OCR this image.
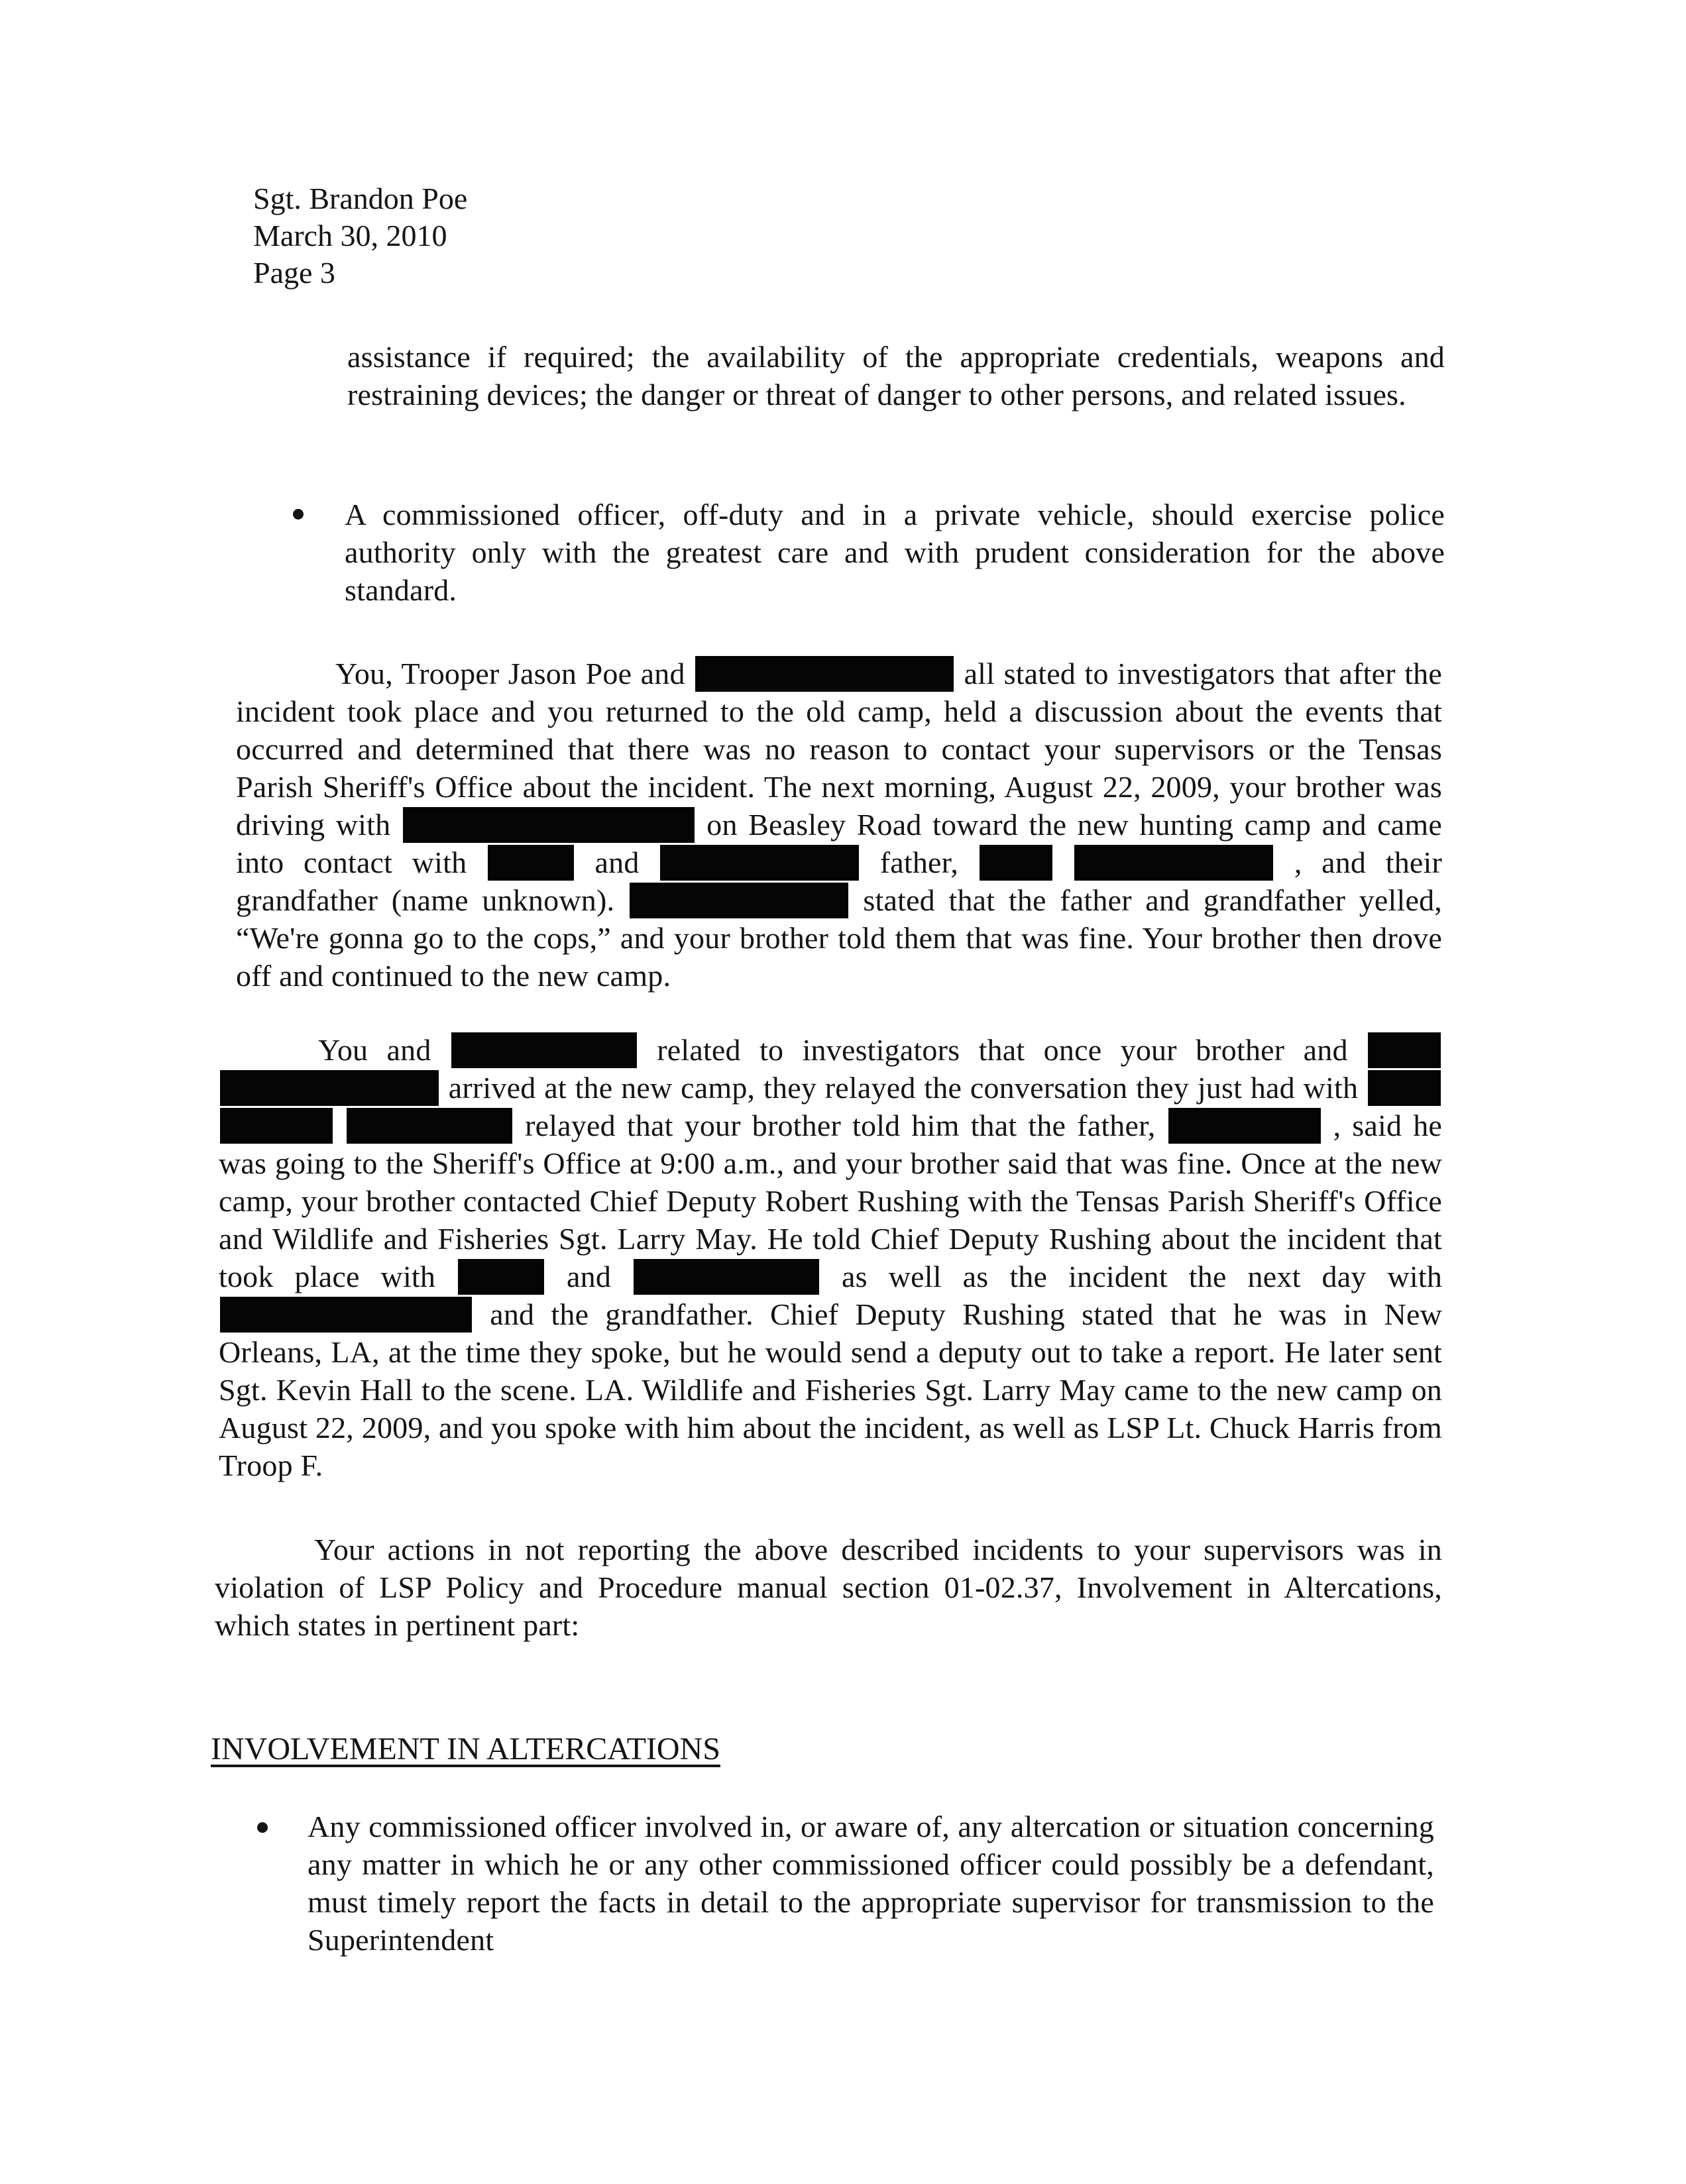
Sgt. Brandon Poe
March 30, 2010
Page 3
assistance if required; the availability of the appropriate credentials, weapons and restraining devices; the danger or threat of danger to other persons, and related issues.
A commissioned officer, off-duty and in a private vehicle, should exercise police authority only with the greatest care and with prudent consideration for the above standard.
You, Trooper Jason Poe and	all stated to investigators that after the incident took place and you returned to the old camp, held a discussion about the events that occurred and determined that there was no reason to contact your supervisors or the Tensas Parish Sheriff's Office about the incident. The next morning, August 22, 2009, your brother was driving with	on Beasley Road toward the new hunting camp and came into contact with	and	father,	, and their grandfather (name unknown).	stated that the father and grandfather yelled, “We're gonna go to the cops,” and your brother told them that was fine. Your brother then drove off and continued to the new camp.
You and	related to investigators that once your brother and   arrived at the new camp, they relayed the conversation they just had with    relayed that your brother told him that the father,	, said he was going to the Sheriff's Office at 9:00 a.m., and your brother said that was fine. Once at the new camp, your brother contacted Chief Deputy Robert Rushing with the Tensas Parish Sheriff's Office and Wildlife and Fisheries Sgt. Larry May. He told Chief Deputy Rushing about the incident that took place with	and	as well as the incident the next day with  and the grandfather. Chief Deputy Rushing stated that he was in New Orleans, LA, at the time they spoke, but he would send a deputy out to take a report. He later sent Sgt. Kevin Hall to the scene. LA. Wildlife and Fisheries Sgt. Larry May came to the new camp on August 22, 2009, and you spoke with him about the incident, as well as LSP Lt. Chuck Harris from Troop F.
Your actions in not reporting the above described incidents to your supervisors was in violation of LSP Policy and Procedure manual section 01-02.37, Involvement in Altercations, which states in pertinent part:
INVOLVEMENT IN ALTERCATIONS
Any commissioned officer involved in, or aware of, any altercation or situation concerning any matter in which he or any other commissioned officer could possibly be a defendant, must timely report the facts in detail to the appropriate supervisor for transmission to the Superintendent
